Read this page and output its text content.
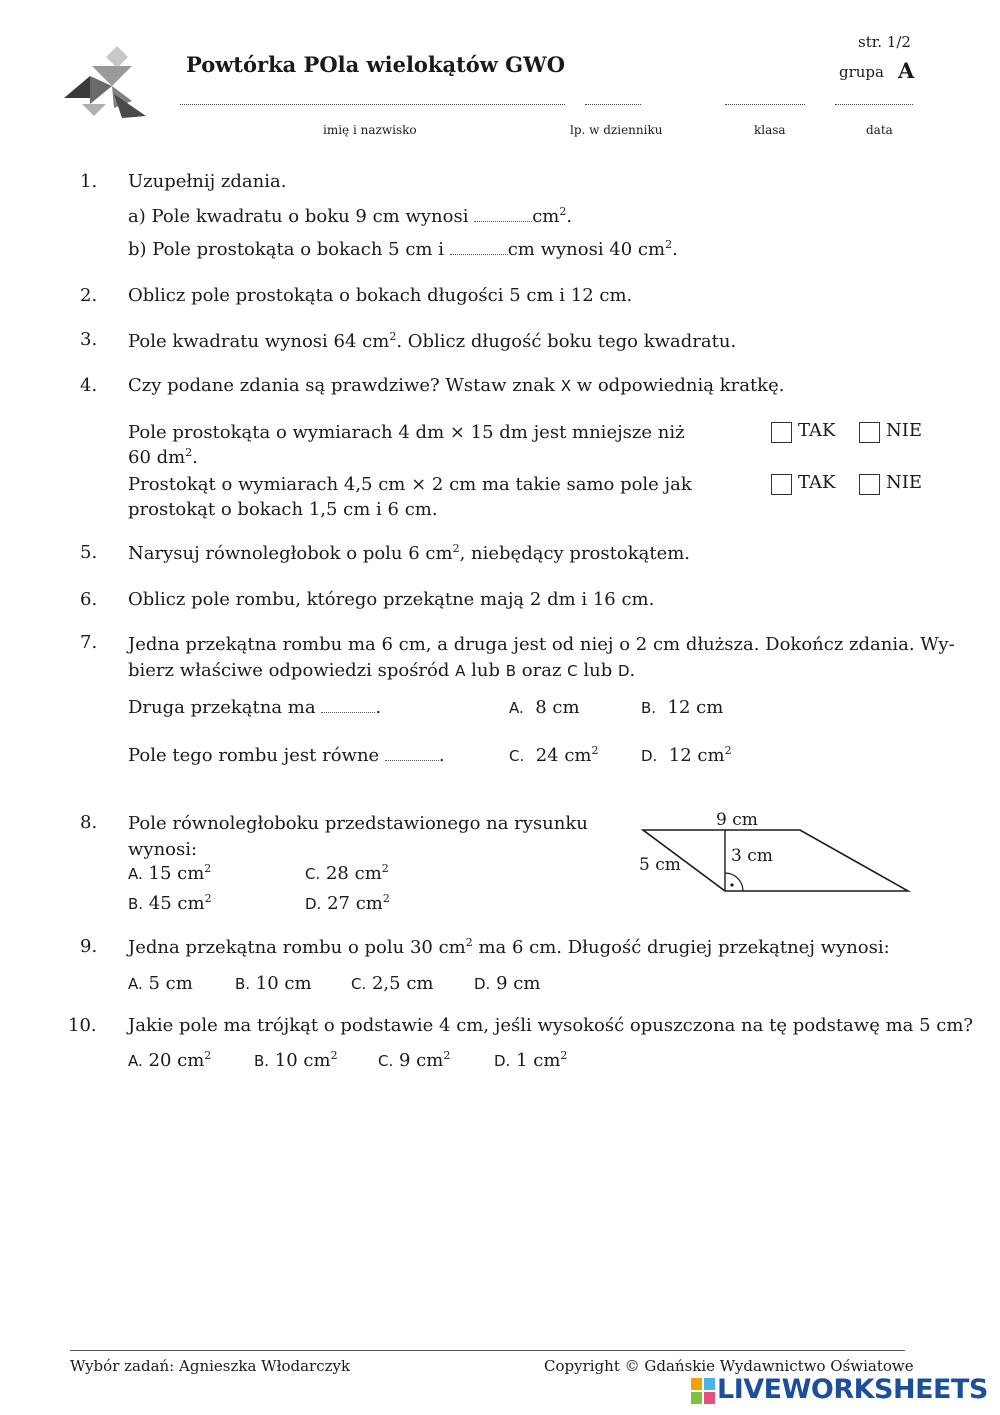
Powtórka POla wielokątów GWO
str. 1/2
grupa A
imię i nazwisko	lp. w dzienniku	klasa	data
1. Uzupełnij zdania.
a) Pole kwadratu o boku 9 cm wynosi	$cm^2$.
b) Pole prostokąta o bokach 5 cm i	cm wynosi 40 $cm^2$.
2. Oblicz pole prostokąta o bokach długości 5 cm i 12 cm.
3. Pole kwadratu wynosi 64 $cm^2$. Oblicz długość boku tego kwadratu.
4. Czy podane zdania są prawdziwe? Wstaw znak X w odpowiednią kratkę.
Pole prostokąta o wymiarach 4 dm × 15 dm jest mniejsze niż
60 $dm^2$.
TAK	NIE
Prostokąt o wymiarach 4,5 cm × 2 cm ma takie samo pole jak
prostokąt o bokach 1,5 cm i 6 cm.
TAK	NIE
5. Narysuj równoległobok o polu 6 $cm^2$, niebędący prostokątem.
6. Oblicz pole rombu, którego przekątne mają 2 dm i 16 cm.
7. Jedna przekątna rombu ma 6 cm, a druga jest od niej o 2 cm dłuższa. Dokończ zdania. Wy-
bierz właściwe odpowiedzi spośród A lub B oraz C lub D.
Druga przekątna ma	.	A. 8 cm	B. 12 cm
Pole tego rombu jest równe	.	C. 24 $cm^2$	D. 12 $cm^2$
8. Pole równoległoboku przedstawionego na rysunku
wynosi:
A. 15 $cm^2$	C. 28 $cm^2$
B. 45 $cm^2$	D. 27 $cm^2$
9 cm
5 cm	3 cm
9. Jedna przekątna rombu o polu 30 $cm^2$ ma 6 cm. Długość drugiej przekątnej wynosi:
A. 5 cm	B. 10 cm	C. 2,5 cm	D. 9 cm
10. Jakie pole ma trójkąt o podstawie 4 cm, jeśli wysokość opuszczona na tę podstawę ma 5 cm?
A. 20 $cm^2$	B. 10 $cm^2$	C. 9 $cm^2$	D. 1 $cm^2$
Wybór zadań: Agnieszka Włodarczyk	Copyright © Gdańskie Wydawnictwo Oświatowe
LIVEWORKSHEETS
